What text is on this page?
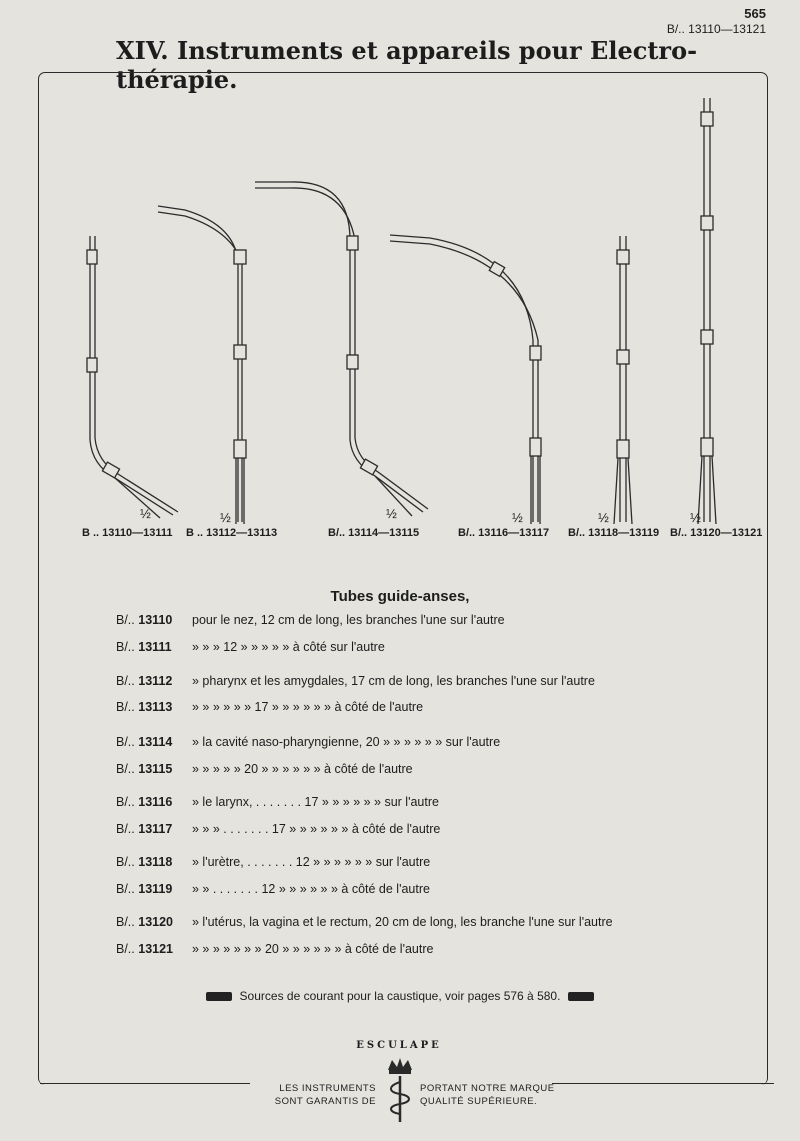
565
B/.. 13110—13121
XIV. Instruments et appareils pour Electro-thérapie.
½	½	½	½	½	½
B .. 13110—13111 B .. 13112—13113	B/.. 13114—13115	B/.. 13116—13117 B/.. 13118—13119 B/.. 13120—13121
Tubes guide-anses,
B/.. 13110 pour le nez, 12 cm de long, les branches l'une sur l'autre
B/.. 13111 » » » 12 » » » » » à côté sur l'autre
B/.. 13112 » pharynx et les amygdales, 17 cm de long, les branches l'une sur l'autre
B/.. 13113 » » » » » » 17 » » » » » » à côté de l'autre
B/.. 13114 » la cavité naso-pharyngienne, 20 » » » » » » sur l'autre
B/.. 13115 » » » » » 20 » » » » » » à côté de l'autre
B/.. 13116 » le larynx, . . . . . . . 17 » » » » » » sur l'autre
B/.. 13117 » » » . . . . . . . 17 » » » » » » à côté de l'autre
B/.. 13118 » l'urètre, . . . . . . . 12 » » » » » » sur l'autre
B/.. 13119 » » . . . . . . . 12 » » » » » » à côté de l'autre
B/.. 13120 » l'utérus, la vagina et le rectum, 20 cm de long, les branche l'une sur l'autre
B/.. 13121 » » » » » » » 20 » » » » » » à côté de l'autre
Sources de courant pour la caustique, voir pages 576 à 580.
ESCULAPE
LES INSTRUMENTS
SONT GARANTIS DE
PORTANT NOTRE MARQUE
QUALITÉ SUPÉRIEURE.
